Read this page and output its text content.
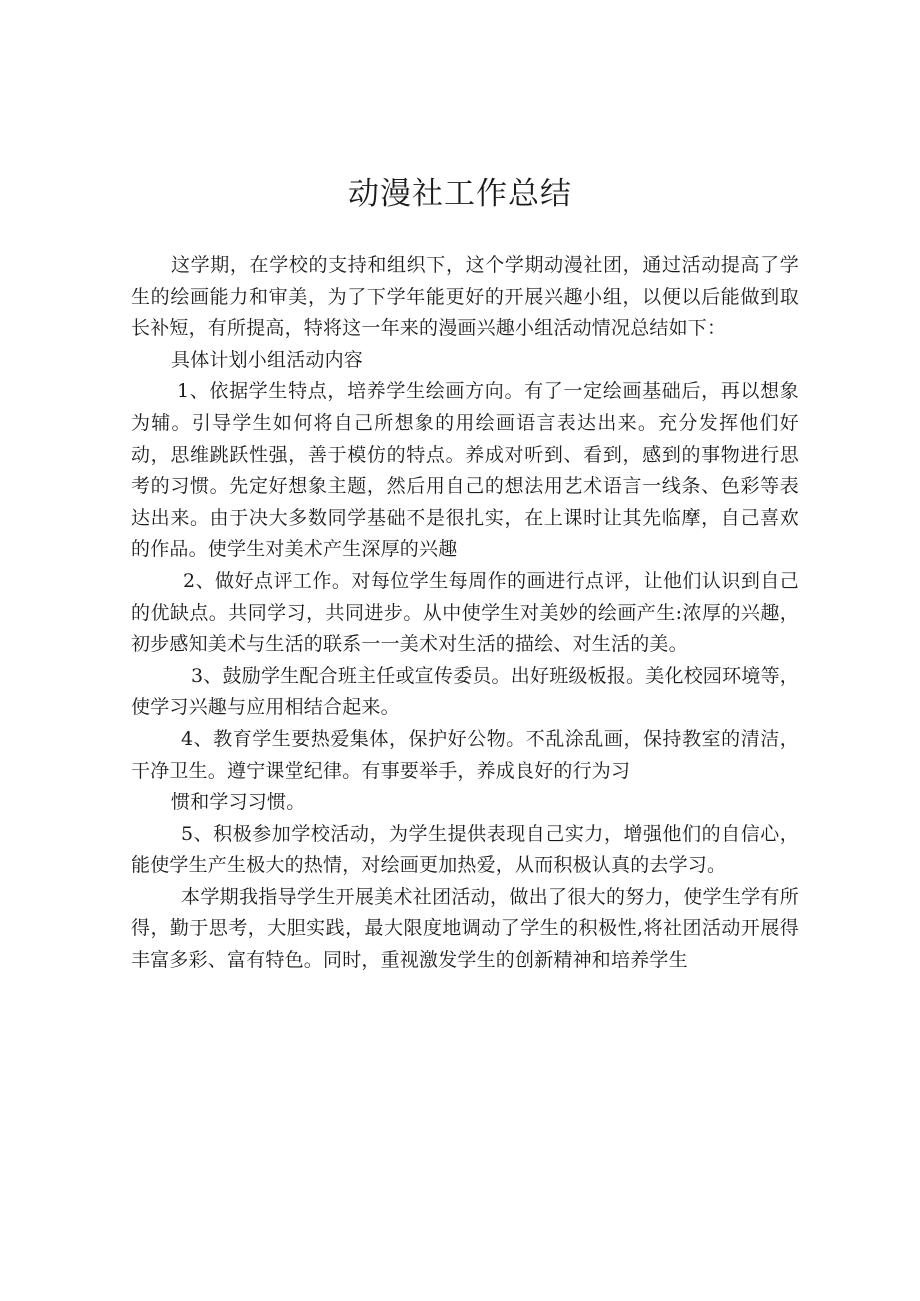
动漫社工作总结

这学期，在学校的支持和组织下，这个学期动漫社团，通过活动提高了学生的绘画能力和审美，为了下学年能更好的开展兴趣小组，以便以后能做到取长补短，有所提高，特将这一年来的漫画兴趣小组活动情况总结如下：

具体计划小组活动内容

1、依据学生特点，培养学生绘画方向。有了一定绘画基础后，再以想象为辅。引导学生如何将自己所想象的用绘画语言表达出来。充分发挥他们好动，思维跳跃性强，善于模仿的特点。养成对听到、看到，感到的事物进行思考的习惯。先定好想象主题，然后用自己的想法用艺术语言一线条、色彩等表达出来。由于决大多数同学基础不是很扎实，在上课时让其先临摩，自己喜欢的作品。使学生对美术产生深厚的兴趣

2、做好点评工作。对每位学生每周作的画进行点评，让他们认识到自己的优缺点。共同学习，共同进步。从中使学生对美妙的绘画产生:浓厚的兴趣，初步感知美术与生活的联系一一美术对生活的描绘、对生活的美。

3、鼓励学生配合班主任或宣传委员。出好班级板报。美化校园环境等，使学习兴趣与应用相结合起来。

4、教育学生要热爱集体，保护好公物。不乱涂乱画，保持教室的清洁，干净卫生。遵宁课堂纪律。有事要举手，养成良好的行为习

惯和学习习惯。

5、积极参加学校活动，为学生提供表现自己实力，增强他们的自信心，能使学生产生极大的热情，对绘画更加热爱，从而积极认真的去学习。

本学期我指导学生开展美术社团活动，做出了很大的努力，使学生学有所得，勤于思考，大胆实践，最大限度地调动了学生的积极性,将社团活动开展得丰富多彩、富有特色。同时，重视激发学生的创新精神和培养学生
